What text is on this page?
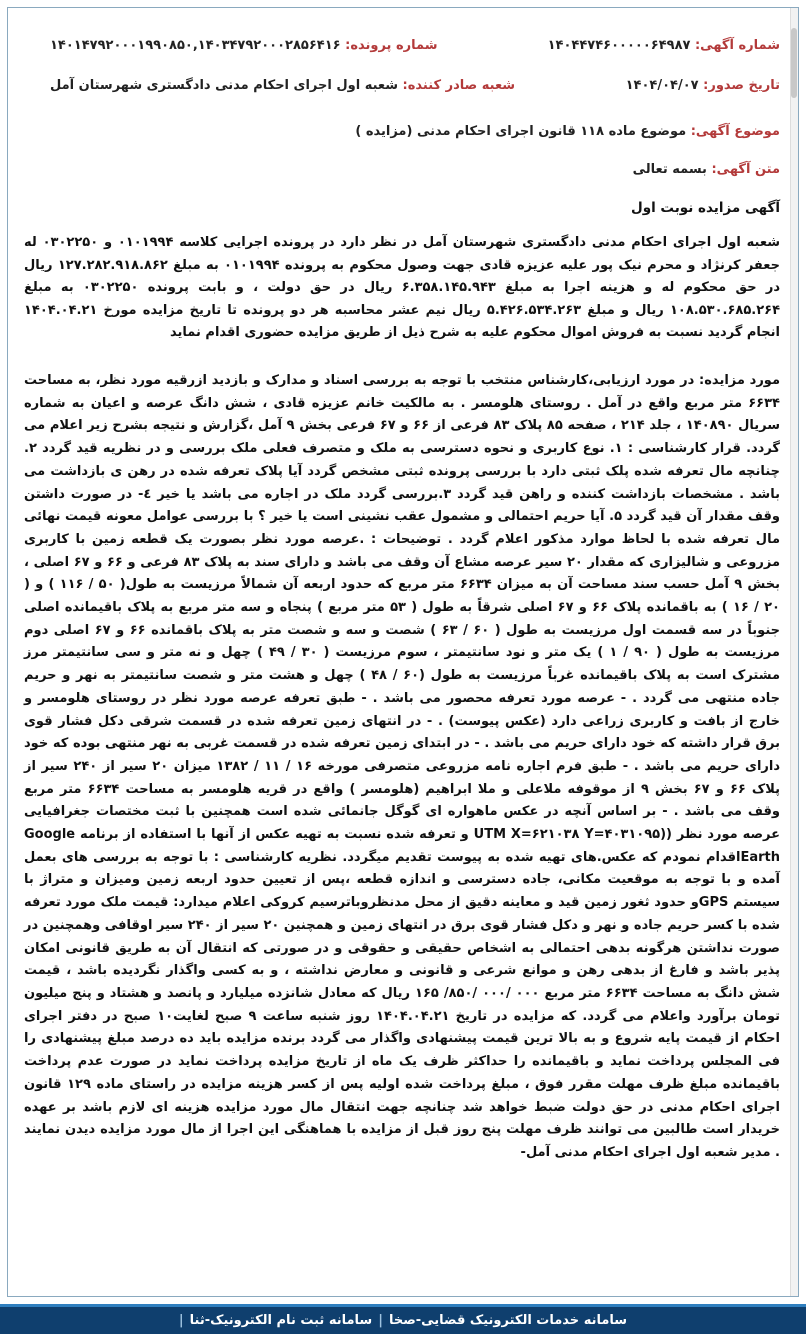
شماره آگهی: ۱۴۰۴۴۷۴۶۰۰۰۰۰۶۴۹۸۷
شماره پرونده: ۱۴۰۱۴۷۹۲۰۰۰۱۹۹۰۸۵۰,۱۴۰۳۴۷۹۲۰۰۰۲۸۵۶۴۱۶
تاریخ صدور: ۱۴۰۴/۰۴/۰۷
شعبه صادر کننده: شعبه اول اجرای احکام مدنی دادگستری شهرستان آمل
موضوع آگهی: موضوع ماده ۱۱۸ قانون اجرای احکام مدنی (مزایده )
متن آگهی: بسمه تعالی
آگهی مزایده نوبت اول
شعبه اول اجرای احکام مدنی دادگستری شهرستان آمل در نظر دارد در پرونده اجرایی کلاسه ۰۱۰۱۹۹۴ و ۰۳۰۲۲۵۰ له جعفر کرنژاد و محرم نیک پور علیه عزیزه قادی جهت وصول محکوم به پرونده ۰۱۰۱۹۹۴ به مبلغ ۱۲۷.۲۸۲.۹۱۸.۸۶۲ ریال در حق محکوم له و هزینه اجرا به مبلغ ۶.۳۵۸.۱۴۵.۹۴۳ ریال در حق دولت ، و بابت پرونده ۰۳۰۲۲۵۰ به مبلغ ۱۰۸.۵۳۰.۶۸۵.۲۶۴ ریال و مبلغ ۵.۴۲۶.۵۳۴.۲۶۳ ریال نیم عشر محاسبه هر دو پرونده تا تاریخ مزایده مورخ ۱۴۰۴.۰۴.۲۱ انجام گردید نسبت به فروش اموال محکوم علیه به شرح ذیل از طریق مزایده حضوری اقدام نماید
مورد مزایده: در مورد ارزیابی،کارشناس منتخب با توجه به بررسی اسناد و مدارک و بازدید ازرقیه مورد نظر، به مساحت ۶۶۳۴ متر مربع واقع در آمل . روستای هلومسر . به مالکیت خانم عزیزه قادی ، شش دانگ عرصه و اعیان به شماره سریال ۱۴۰۸۹۰ ، جلد ۲۱۴ ، صفحه ۸۵ پلاک ۸۳ فرعی از ۶۶ و ۶۷ فرعی بخش ۹ آمل ،گزارش و نتیجه بشرح زیر اعلام می گردد. قرار کارشناسی : ۱. نوع کاربری و نحوه دسترسی به ملک و متصرف فعلی ملک بررسی و در نظریه قید گردد ۲. چنانچه مال تعرفه شده پلک ثبتی دارد با بررسی پرونده ثبتی مشخص گردد آیا پلاک تعرفه شده در رهن ی بازداشت می باشد . مشخصات بازداشت کننده و راهن قید گردد ۳.بررسی گردد ملک در اجاره می باشد یا خیر ٤- در صورت داشتن وقف مقدار آن قید گردد ۵. آیا حریم احتمالی و مشمول عقب نشینی است یا خیر ؟ با بررسی عوامل معونه قیمت نهائی مال تعرفه شده با لحاظ موارد مذکور اعلام گردد . توضیحات : .عرصه مورد نظر بصورت یک قطعه زمین با کاربری مزروعی و شالیزاری که مقدار ۲۰ سیر عرصه مشاع آن وقف می باشد و دارای سند به پلاک ۸۳ فرعی و ۶۶ و ۶۷ اصلی ، بخش ۹ آمل حسب سند مساحت آن به میزان ۶۶۳۴ متر مربع که حدود اربعه آن شمالاً مرزیست به طول( ۵۰ / ۱۱۶ ) و ( ۲۰ / ۱۶ ) به باقمانده پلاک ۶۶ و ۶۷ اصلی شرقاً به طول ( ۵۳ متر مربع ) پنجاه و سه متر مربع به پلاک باقیمانده اصلی جنوباً در سه قسمت اول مرزیست به طول ( ۶۰ / ۶۳ ) شصت و سه و شصت متر به پلاک باقمانده ۶۶ و ۶۷ اصلی دوم مرزیست به طول ( ۹۰ / ۱ ) یک متر و نود سانتیمتر ، سوم مرزیست ( ۳۰ / ۴۹ ) چهل و نه متر و سی سانتیمتر مرز مشترک است به پلاک باقیمانده غرباً مرزیست به طول (۶۰ / ۴۸ ) چهل و هشت متر و شصت سانتیمتر به نهر و حریم جاده منتهی می گردد . - عرصه مورد تعرفه محصور می باشد . - طبق تعرفه عرصه مورد نظر در روستای هلومسر و خارج از بافت و کاربری زراعی دارد (عکس پیوست) . - در انتهای زمین تعرفه شده در قسمت شرقی دکل فشار قوی برق قرار داشته که خود دارای حریم می باشد . - در ابتدای زمین تعرفه شده در قسمت غربی به نهر منتهی بوده که خود دارای حریم می باشد . - طبق فرم اجاره نامه مزروعی متصرفی مورخه ۱۶ / ۱۱ / ۱۳۸۲ میزان ۲۰ سیر از ۲۴۰ سیر از پلاک ۶۶ و ۶۷ بخش ۹ از موقوفه ملاعلی و ملا ابراهیم (هلومسر ) واقع در قریه هلومسر به مساحت ۶۶۳۴ متر مربع وقف می باشد . - بر اساس آنچه در عکس ماهواره ای گوگل جانمائی شده است همچنین با ثبت مختصات جغرافیایی عرصه مورد نظر ((UTM X=۶۲۱۰۳۸ Y=۴۰۳۱۰۹۵ و تعرفه شده نسبت به تهیه عکس از آنها با استفاده از برنامه Google Earthاقدام نمودم که عکس.های تهیه شده به پیوست تقدیم میگردد. نظریه کارشناسی : با توجه به بررسی های بعمل آمده و با توجه به موقعیت مکانی، جاده دسترسی و اندازه قطعه ،پس از تعیین حدود اربعه زمین ومیزان و متراژ با سیستم GPSو حدود ثغور زمین قید و معاینه دقیق از محل مدنظروباترسیم کروکی اعلام میدارد: قیمت ملک مورد تعرفه شده با کسر حریم جاده و نهر و دکل فشار قوی برق در انتهای زمین و همچنین ۲۰ سیر از ۲۴۰ سیر اوقافی وهمچنین در صورت نداشتن هرگونه بدهی احتمالی به اشخاص حقیقی و حقوقی و در صورتی که انتقال آن به طریق قانونی امکان پذیر باشد و فارغ از بدهی رهن و موانع شرعی و قانونی و معارض نداشته ، و به کسی واگذار نگردیده باشد ، قیمت شش دانگ به مساحت ۶۶۳۴ متر مربع ۰۰۰ /۰۰۰ /۸۵۰/ ۱۶۵ ریال که معادل شانزده میلیارد و پانصد و هشتاد و پنج میلیون تومان برآورد واعلام می گردد. که مزایده در تاریخ ۱۴۰۴.۰۴.۲۱ روز شنبه ساعت ۹ صبح لغایت۱۰ صبح در دفتر اجرای احکام از قیمت پایه شروع و به بالا ترین قیمت پیشنهادی واگذار می گردد برنده مزایده باید ده درصد مبلغ پیشنهادی را فی المجلس پرداخت نماید و باقیمانده را حداکثر ظرف یک ماه از تاریخ مزایده پرداخت نماید در صورت عدم پرداخت باقیمانده مبلغ ظرف مهلت مقرر فوق ، مبلغ پرداخت شده اولیه پس از کسر هزینه مزایده در راستای ماده ۱۲۹ قانون اجرای احکام مدنی در حق دولت ضبط خواهد شد چنانچه جهت انتقال مال مورد مزایده هزینه ای لازم باشد بر عهده خریدار است طالبین می توانند ظرف مهلت پنج روز قبل از مزایده با هماهنگی این اجرا از مال مورد مزایده دیدن نمایند . مدیر شعبه اول اجرای احکام مدنی آمل-
سامانه خدمات الکترونیک قضایی-صخا
|
سامانه ثبت نام الکترونیک-ثنا
|
